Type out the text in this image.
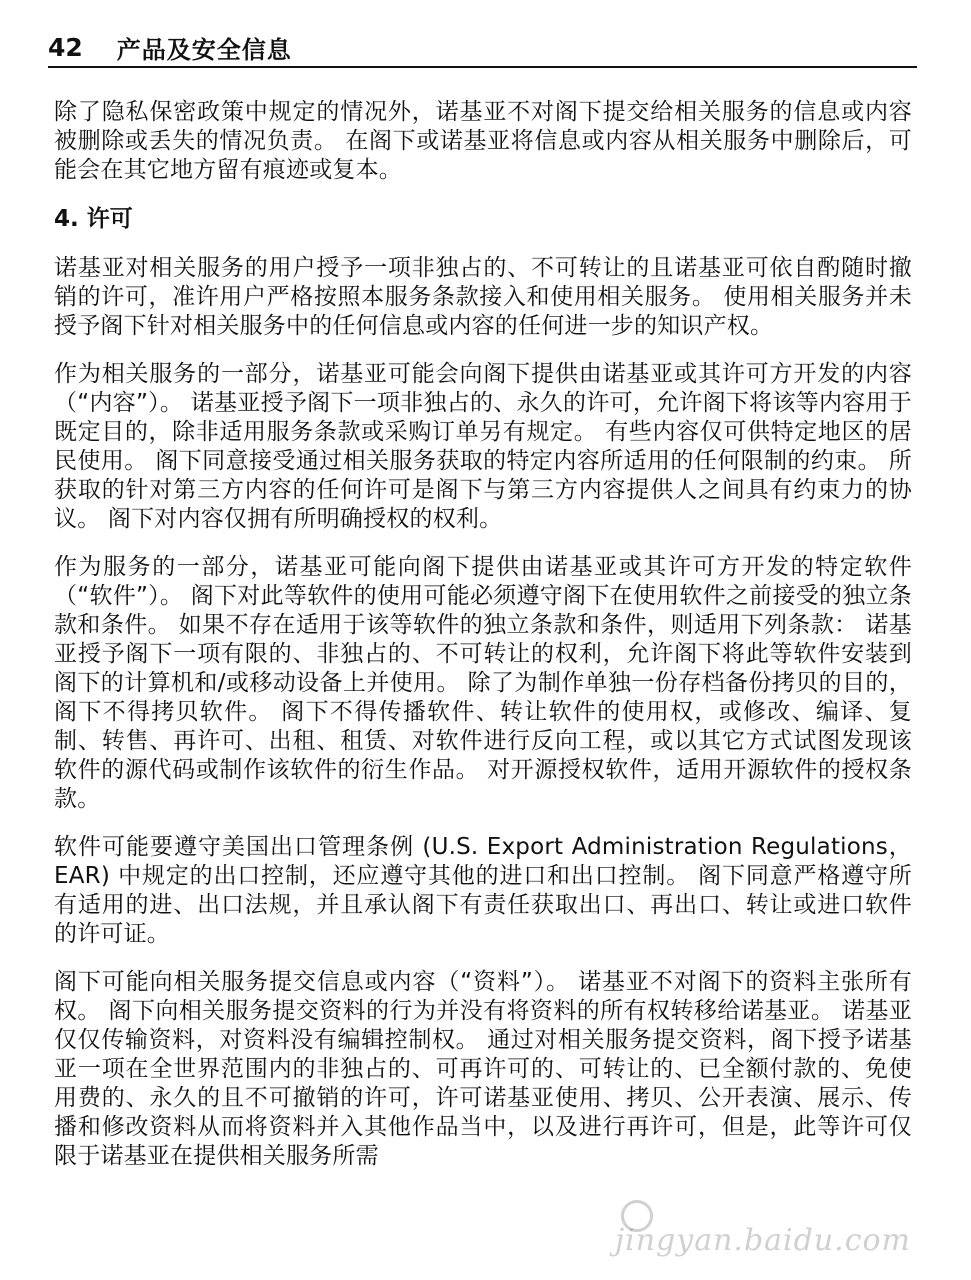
42 产品及安全信息

除了隐私保密政策中规定的情况外，诺基亚不对阁下提交给相关服务的信息或内容被删除或丢失的情况负责。 在阁下或诺基亚将信息或内容从相关服务中删除后，可能会在其它地方留有痕迹或复本。

4. 许可

诺基亚对相关服务的用户授予一项非独占的、不可转让的且诺基亚可依自酌随时撤销的许可，准许用户严格按照本服务条款接入和使用相关服务。 使用相关服务并未授予阁下针对相关服务中的任何信息或内容的任何进一步的知识产权。

作为相关服务的一部分，诺基亚可能会向阁下提供由诺基亚或其许可方开发的内容（“内容”）。 诺基亚授予阁下一项非独占的、永久的许可，允许阁下将该等内容用于既定目的，除非适用服务条款或采购订单另有规定。 有些内容仅可供特定地区的居民使用。 阁下同意接受通过相关服务获取的特定内容所适用的任何限制的约束。 所获取的针对第三方内容的任何许可是阁下与第三方内容提供人之间具有约束力的协议。 阁下对内容仅拥有所明确授权的权利。

作为服务的一部分，诺基亚可能向阁下提供由诺基亚或其许可方开发的特定软件（“软件”）。 阁下对此等软件的使用可能必须遵守阁下在使用软件之前接受的独立条款和条件。 如果不存在适用于该等软件的独立条款和条件，则适用下列条款： 诺基亚授予阁下一项有限的、非独占的、不可转让的权利，允许阁下将此等软件安装到阁下的计算机和/或移动设备上并使用。 除了为制作单独一份存档备份拷贝的目的，阁下不得拷贝软件。 阁下不得传播软件、转让软件的使用权，或修改、编译、复制、转售、再许可、出租、租赁、对软件进行反向工程，或以其它方式试图发现该软件的源代码或制作该软件的衍生作品。 对开源授权软件，适用开源软件的授权条款。

软件可能要遵守美国出口管理条例 (U.S. Export Administration Regulations，EAR) 中规定的出口控制，还应遵守其他的进口和出口控制。 阁下同意严格遵守所有适用的进、出口法规，并且承认阁下有责任获取出口、再出口、转让或进口软件的许可证。

阁下可能向相关服务提交信息或内容（“资料”）。 诺基亚不对阁下的资料主张所有权。 阁下向相关服务提交资料的行为并没有将资料的所有权转移给诺基亚。 诺基亚仅仅传输资料，对资料没有编辑控制权。 通过对相关服务提交资料，阁下授予诺基亚一项在全世界范围内的非独占的、可再许可的、可转让的、已全额付款的、免使用费的、永久的且不可撤销的许可，许可诺基亚使用、拷贝、公开表演、展示、传播和修改资料从而将资料并入其他作品当中，以及进行再许可，但是，此等许可仅限于诺基亚在提供相关服务所需

jingyan.baidu.com
